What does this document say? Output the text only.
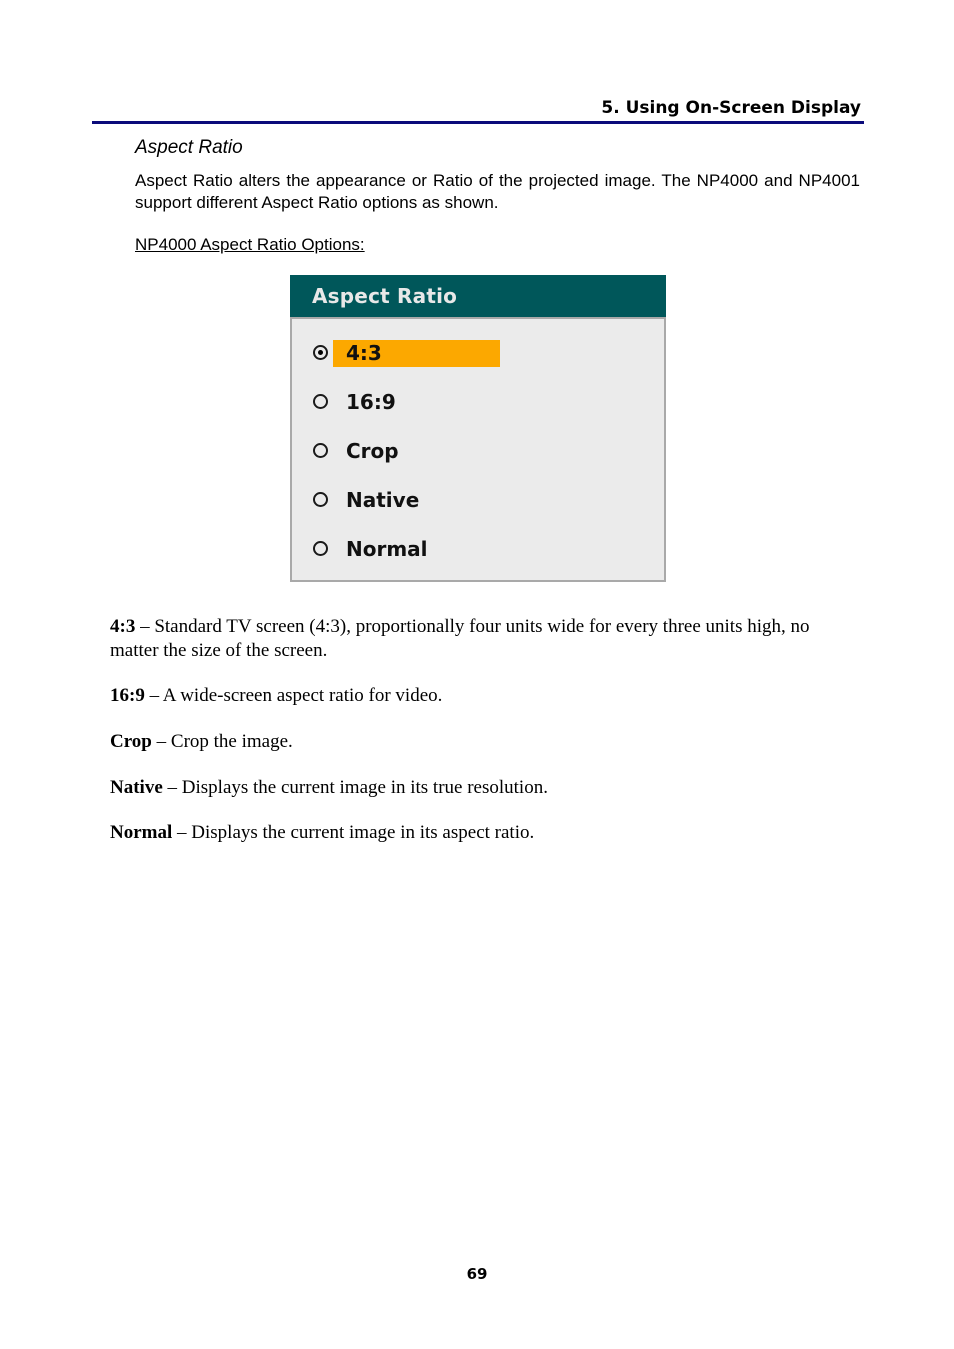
5. Using On-Screen Display
Aspect Ratio

Aspect Ratio alters the appearance or Ratio of the projected image. The NP4000 and NP4001 support different Aspect Ratio options as shown.

NP4000 Aspect Ratio Options:
Aspect Ratio
4:3
16:9
Crop
Native
Normal

4:3 – Standard TV screen (4:3), proportionally four units wide for every three units high, no matter the size of the screen.

16:9 – A wide-screen aspect ratio for video.

Crop – Crop the image.

Native – Displays the current image in its true resolution.

Normal – Displays the current image in its aspect ratio.

69
